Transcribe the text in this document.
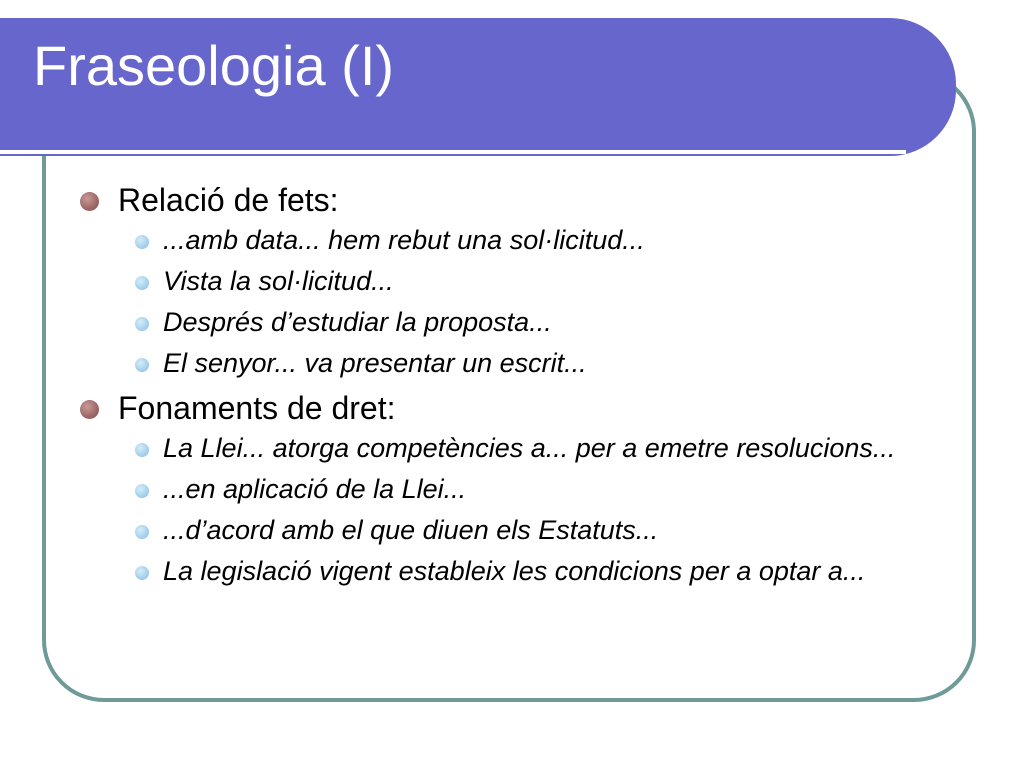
Fraseologia (I)
Relació de fets:
...amb data... hem rebut una sol·licitud...
Vista la sol·licitud...
Després d’estudiar la proposta...
El senyor... va presentar un escrit...
Fonaments de dret:
La Llei... atorga competències a... per a emetre resolucions...
...en aplicació de la Llei...
...d’acord amb el que diuen els Estatuts...
La legislació vigent estableix les condicions per a optar a...
